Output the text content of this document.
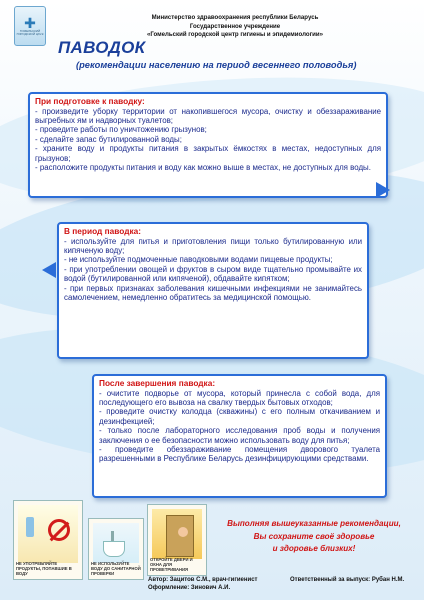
✚
ГОМЕЛЬСКИЙ ГОРОДСКОЙ ЦГиЭ
Министерство здравоохранения республики Беларусь
Государственное учреждение
«Гомельский городской центр гигиены и эпидемиологии»
ПАВОДОК
(рекомендации населению на период весеннего половодья)
При подготовке к паводку:
- произведите уборку территории от накопившегося мусора, очистку и обеззараживание выгребных ям и надворных туалетов;
- проведите работы по уничтожению грызунов;
- сделайте запас бутилированной воды;
- храните воду и продукты питания в закрытых ёмкостях в местах, недоступных для грызунов;
- расположите продукты питания и воду как можно выше в местах, не доступных для воды.
В период паводка:
- используйте для питья и приготовления пищи только бутилированную или кипяченую воду;
- не используйте подмоченные паводковыми водами пищевые продукты;
- при употреблении овощей и фруктов в сыром виде тщательно промывайте их водой (бутилированной или кипяченой), обдавайте кипятком;
- при первых признаках заболевания кишечными инфекциями не занимайтесь самолечением, немедленно обратитесь за медицинской помощью.
После завершения паводка:
- очистите подворье от мусора, который принесла с собой вода, для последующего его вывоза на свалку твердых бытовых отходов;
- проведите очистку колодца (скважины) с его полным откачиванием и дезинфекцией;
- только после лабораторного исследования проб воды и получения заключения о ее безопасности можно использовать воду для питья;
- проведите обеззараживание помещения дворового туалета разрешенными в Республике Беларусь дезинфицирующими средствами.
НЕ УПОТРЕБЛЯЙТЕ ПРОДУКТЫ, ПОПАВШИЕ В ВОДУ
НЕ ИСПОЛЬЗУЙТЕ ВОДУ ДО САНИТАРНОЙ ПРОВЕРКИ
ОТКРОЙТЕ ДВЕРИ И ОКНА ДЛЯ ПРОВЕТРИВАНИЯ
Выполняя вышеуказанные рекомендации,
Вы сохраните своё здоровье
и здоровье близких!
Автор: Зацитов С.М., врач-гигиенист
Оформление: Зинович А.И.
Ответственный за выпуск: Рубан Н.М.
